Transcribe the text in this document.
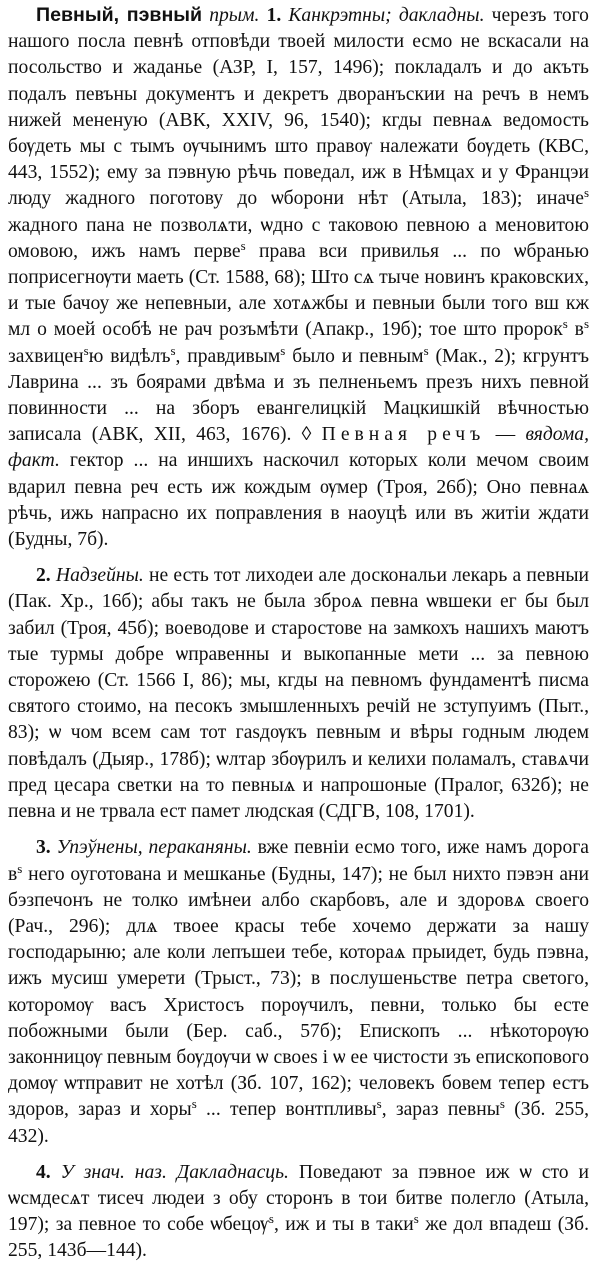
Певный, пэвный прым. 1. Канкрэтны; дакладны. черезъ того нашого посла певнѣ отповѣди твоей милости есмо не вскасали на посольство и жаданье (АЗР, I, 157, 1496); покладалъ и до акъть подалъ певъны документъ и декретъ дворанъскии на речъ в немъ нижей мененую (АВК, XXIV, 96, 1540); кгды певнаѧ ведомость бѹдеть мы с тымъ ѹчынимъ што правѹ належати бѹдеть (КВС, 443, 1552); ему за пэвную рѣчь поведал, иж в Нѣмцах и у Францэи люду жадного поготову до ѡборони нѣт (Атыла, 183); иначе$^s$ жадного пана не позволѧти, ѡдно с таковою певною а меновитою омовою, ижъ намъ перве$^s$ права вси привилья ... по ѡбранью поприсегнѹти маеть (Ст. 1588, 68); Што сѧ тыче новинъ краковских, и тые бачоу же непевныи, але хотѧжбы и певныи были того вш кж мл о моей особѣ не рач розъмѣти (Апакр., 19б); тое што пророк$^s$ $в^s$ захвицен$^s$ю видѣлъ$^s$, правдивым$^s$ было и певным$^s$ (Мак., 2); кгрунтъ Лаврина ... зъ боярами двѣма и зъ пелненьемъ презъ нихъ певной повинности ... на зборъ евангелицкій Мацкишкій вѣчностью записала (АВК, XII, 463, 1676). ◊ Певная речъ — вядома, факт. гектор ... на иншихъ наскочил которых коли мечом своим вдарил певна реч есть иж кождым ѹмер (Троя, 26б); Оно певнаѧ рѣчь, ижь напрасно их поправления в наоуцѣ или въ житіи ждати (Будны, 7б).

2. Надзейны. не есть тот лиходеи але доскональи лекарь а певныи (Пак. Хр., 16б); абы такъ не была зброѧ певна ѡвшеки ег бы был забил (Троя, 45б); воеводове и старостове на замкохъ нашихъ маютъ тые турмы добре ѡправенны и выкопанные мети ... за певною сторожею (Ст. 1566 I, 86); мы, кгды на певномъ фундаментѣ писма святого стоимо, на песокъ змышленныхъ речій не зступуимъ (Пыт., 83); ѡ чом всем сам тот гаѕдѹкъ певным и вѣры годным людем повѣдалъ (Дыяр., 178б); ѡлтар збѹрилъ и келихи поламалъ, ставѧчи пред цесара светки на то певныѧ и напрошоные (Пралог, 632б); не певна и не трвала ест памет людская (СДГВ, 108, 1701).

3. Упэўнены, пераканяны. вже певніи есмо того, иже намъ дорога $в^s$ него оуготована и мешканье (Будны, 147); не был нихто пэвэн ани бэзпечонъ не толко имѣнеи албо скарбовъ, але и здоровѧ своего (Рач., 296); длѧ твоее красы тебе хочемо держати за нашу господарыню; але коли лепъшеи тебе, котораѧ прыидет, будь пэвна, ижъ мусиш умерети (Трыст., 73); в послушеньстве петра светого, которомѹ васъ Христосъ порѹчилъ, певни, только бы есте побожными были (Бер. саб., 57б); Епископъ ... нѣкоторѹю законницѹ певным бѹдѹчи ѡ своеѕ і ѡ ее чистости зъ епископового домѹ ѡтправит не хотѣл (Зб. 107, 162); человекъ бовем тепер естъ здоров, зараз и хоры$^s$ ... тепер вонтпливы$^s$, зараз певны$^s$ (Зб. 255, 432).

4. У знач. наз. Дакладнасць. Поведают за пэвное иж ѡ сто и ѡсмдесѧт тисеч людеи з обу сторонъ в тои битве полегло (Атыла, 197); за певное то собе ѡбецѹ$^s$, иж и ты в таки$^s$ же дол впадеш (Зб. 255, 143б—144).
